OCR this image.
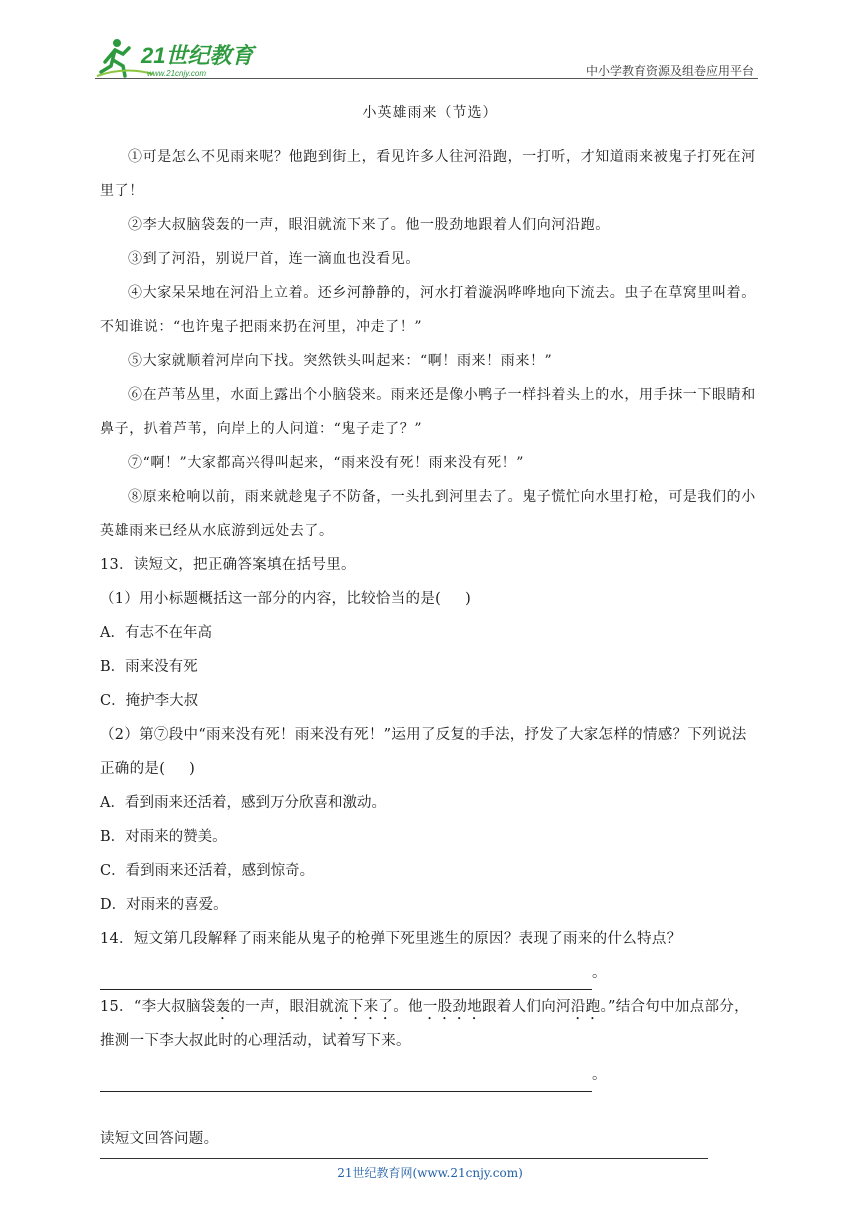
21世纪教育
www.21cnjy.com	中小学教育资源及组卷应用平台
小英雄雨来（节选）

①可是怎么不见雨来呢？他跑到街上，看见许多人往河沿跑，一打听，才知道雨来被鬼子打死在河里了！

②李大叔脑袋轰的一声，眼泪就流下来了。他一股劲地跟着人们向河沿跑。

③到了河沿，别说尸首，连一滴血也没看见。

④大家呆呆地在河沿上立着。还乡河静静的，河水打着漩涡哗哗地向下流去。虫子在草窝里叫着。不知谁说：“也许鬼子把雨来扔在河里，冲走了！”

⑤大家就顺着河岸向下找。突然铁头叫起来：“啊！雨来！雨来！”

⑥在芦苇丛里，水面上露出个小脑袋来。雨来还是像小鸭子一样抖着头上的水，用手抹一下眼睛和鼻子，扒着芦苇，向岸上的人问道：“鬼子走了？”

⑦“啊！”大家都高兴得叫起来，“雨来没有死！雨来没有死！”

⑧原来枪响以前，雨来就趁鬼子不防备，一头扎到河里去了。鬼子慌忙向水里打枪，可是我们的小英雄雨来已经从水底游到远处去了。

13．读短文，把正确答案填在括号里。

（1）用小标题概括这一部分的内容，比较恰当的是( )

A．有志不在年高

B．雨来没有死

C．掩护李大叔

（2）第⑦段中“雨来没有死！雨来没有死！”运用了反复的手法，抒发了大家怎样的情感？下列说法正确的是( )

A．看到雨来还活着，感到万分欣喜和激动。

B．对雨来的赞美。

C．看到雨来还活着，感到惊奇。

D．对雨来的喜爱。

14．短文第几段解释了雨来能从鬼子的枪弹下死里逃生的原因？表现了雨来的什么特点？

。

15．“李大叔脑袋轰的一声，眼泪就流下来了。他一股劲地跟着人们向河沿跑。”结合句中加点部分，推测一下李大叔此时的心理活动，试着写下来。

。

读短文回答问题。

21世纪教育网(www.21cnjy.com)
